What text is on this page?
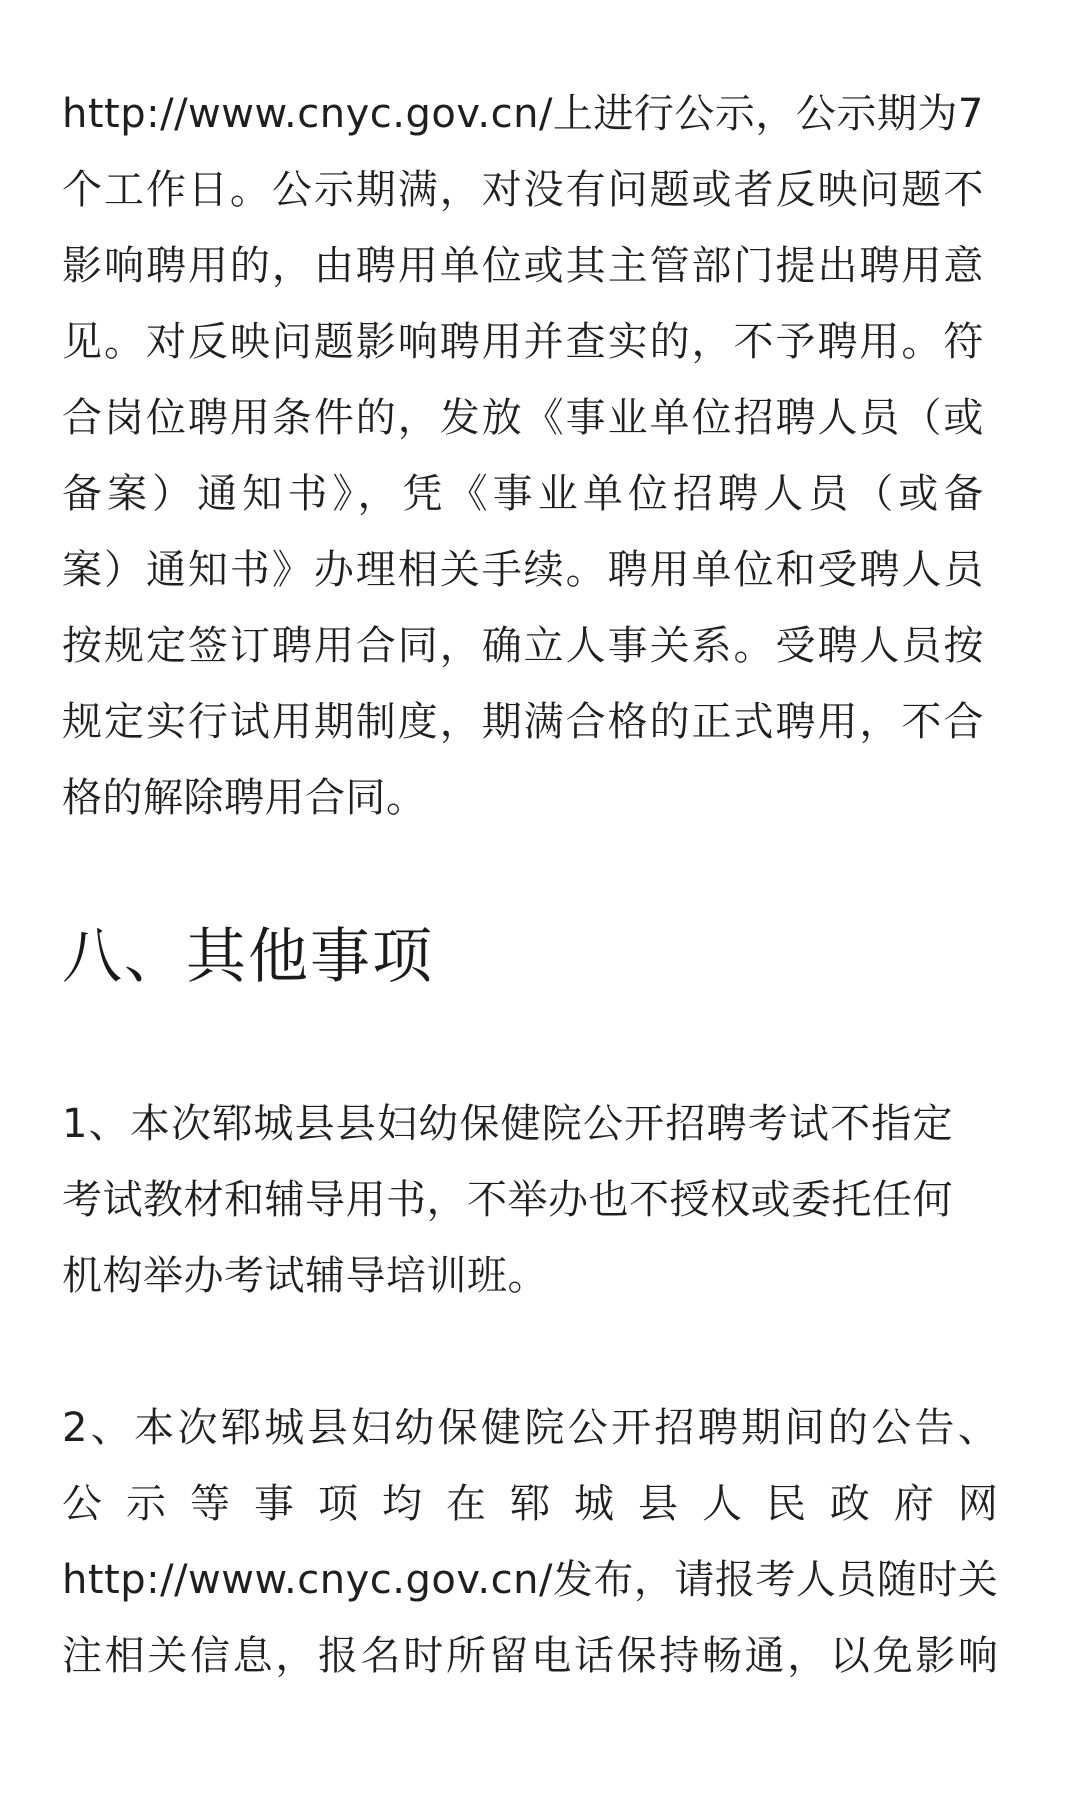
http://www.cnyc.gov.cn/上进行公示，公示期为7
个工作日。公示期满，对没有问题或者反映问题不
影响聘用的，由聘用单位或其主管部门提出聘用意
见。对反映问题影响聘用并查实的，不予聘用。符
合岗位聘用条件的，发放《事业单位招聘人员（或
备案）通知书》，凭《事业单位招聘人员（或备
案）通知书》办理相关手续。聘用单位和受聘人员
按规定签订聘用合同，确立人事关系。受聘人员按
规定实行试用期制度，期满合格的正式聘用，不合
格的解除聘用合同。

八、其他事项

1、本次郓城县县妇幼保健院公开招聘考试不指定
考试教材和辅导用书，不举办也不授权或委托任何
机构举办考试辅导培训班。

2、本次郓城县妇幼保健院公开招聘期间的公告、
公示等事项均在郓城县人民政府网
http://www.cnyc.gov.cn/发布，请报考人员随时关
注相关信息，报名时所留电话保持畅通，以免影响
